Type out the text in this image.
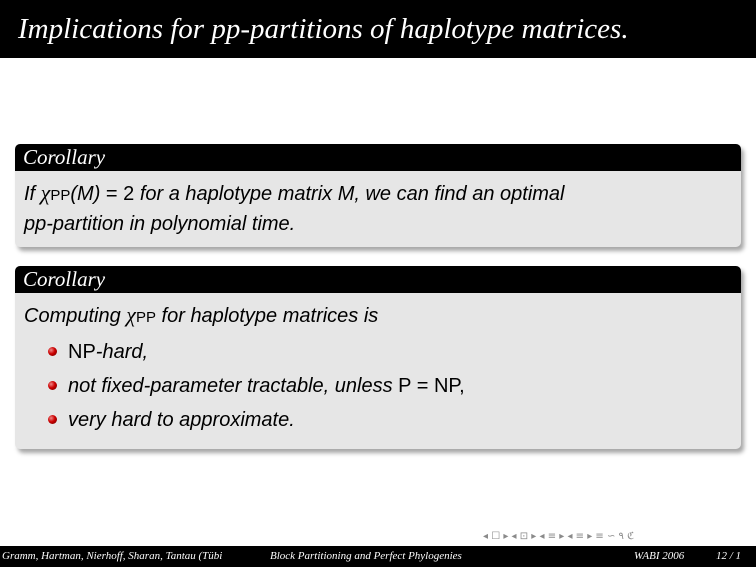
Implications for pp-partitions of haplotype matrices.
Corollary
If χPP(M) = 2 for a haplotype matrix M, we can find an optimal
pp-partition in polynomial time.
Corollary
Computing χPP for haplotype matrices is
NP-hard,
not fixed-parameter tractable, unless P = NP,
very hard to approximate.
◂ ☐ ▸ ◂ ⊡ ▸ ◂ ≡ ▸ ◂ ≡ ▸ ≡ ∽ ۹ ℭ
Gramm, Hartman, Nierhoff, Sharan, Tantau (Tübi	Block Partitioning and Perfect Phylogenies	WABI 2006	12 / 1
